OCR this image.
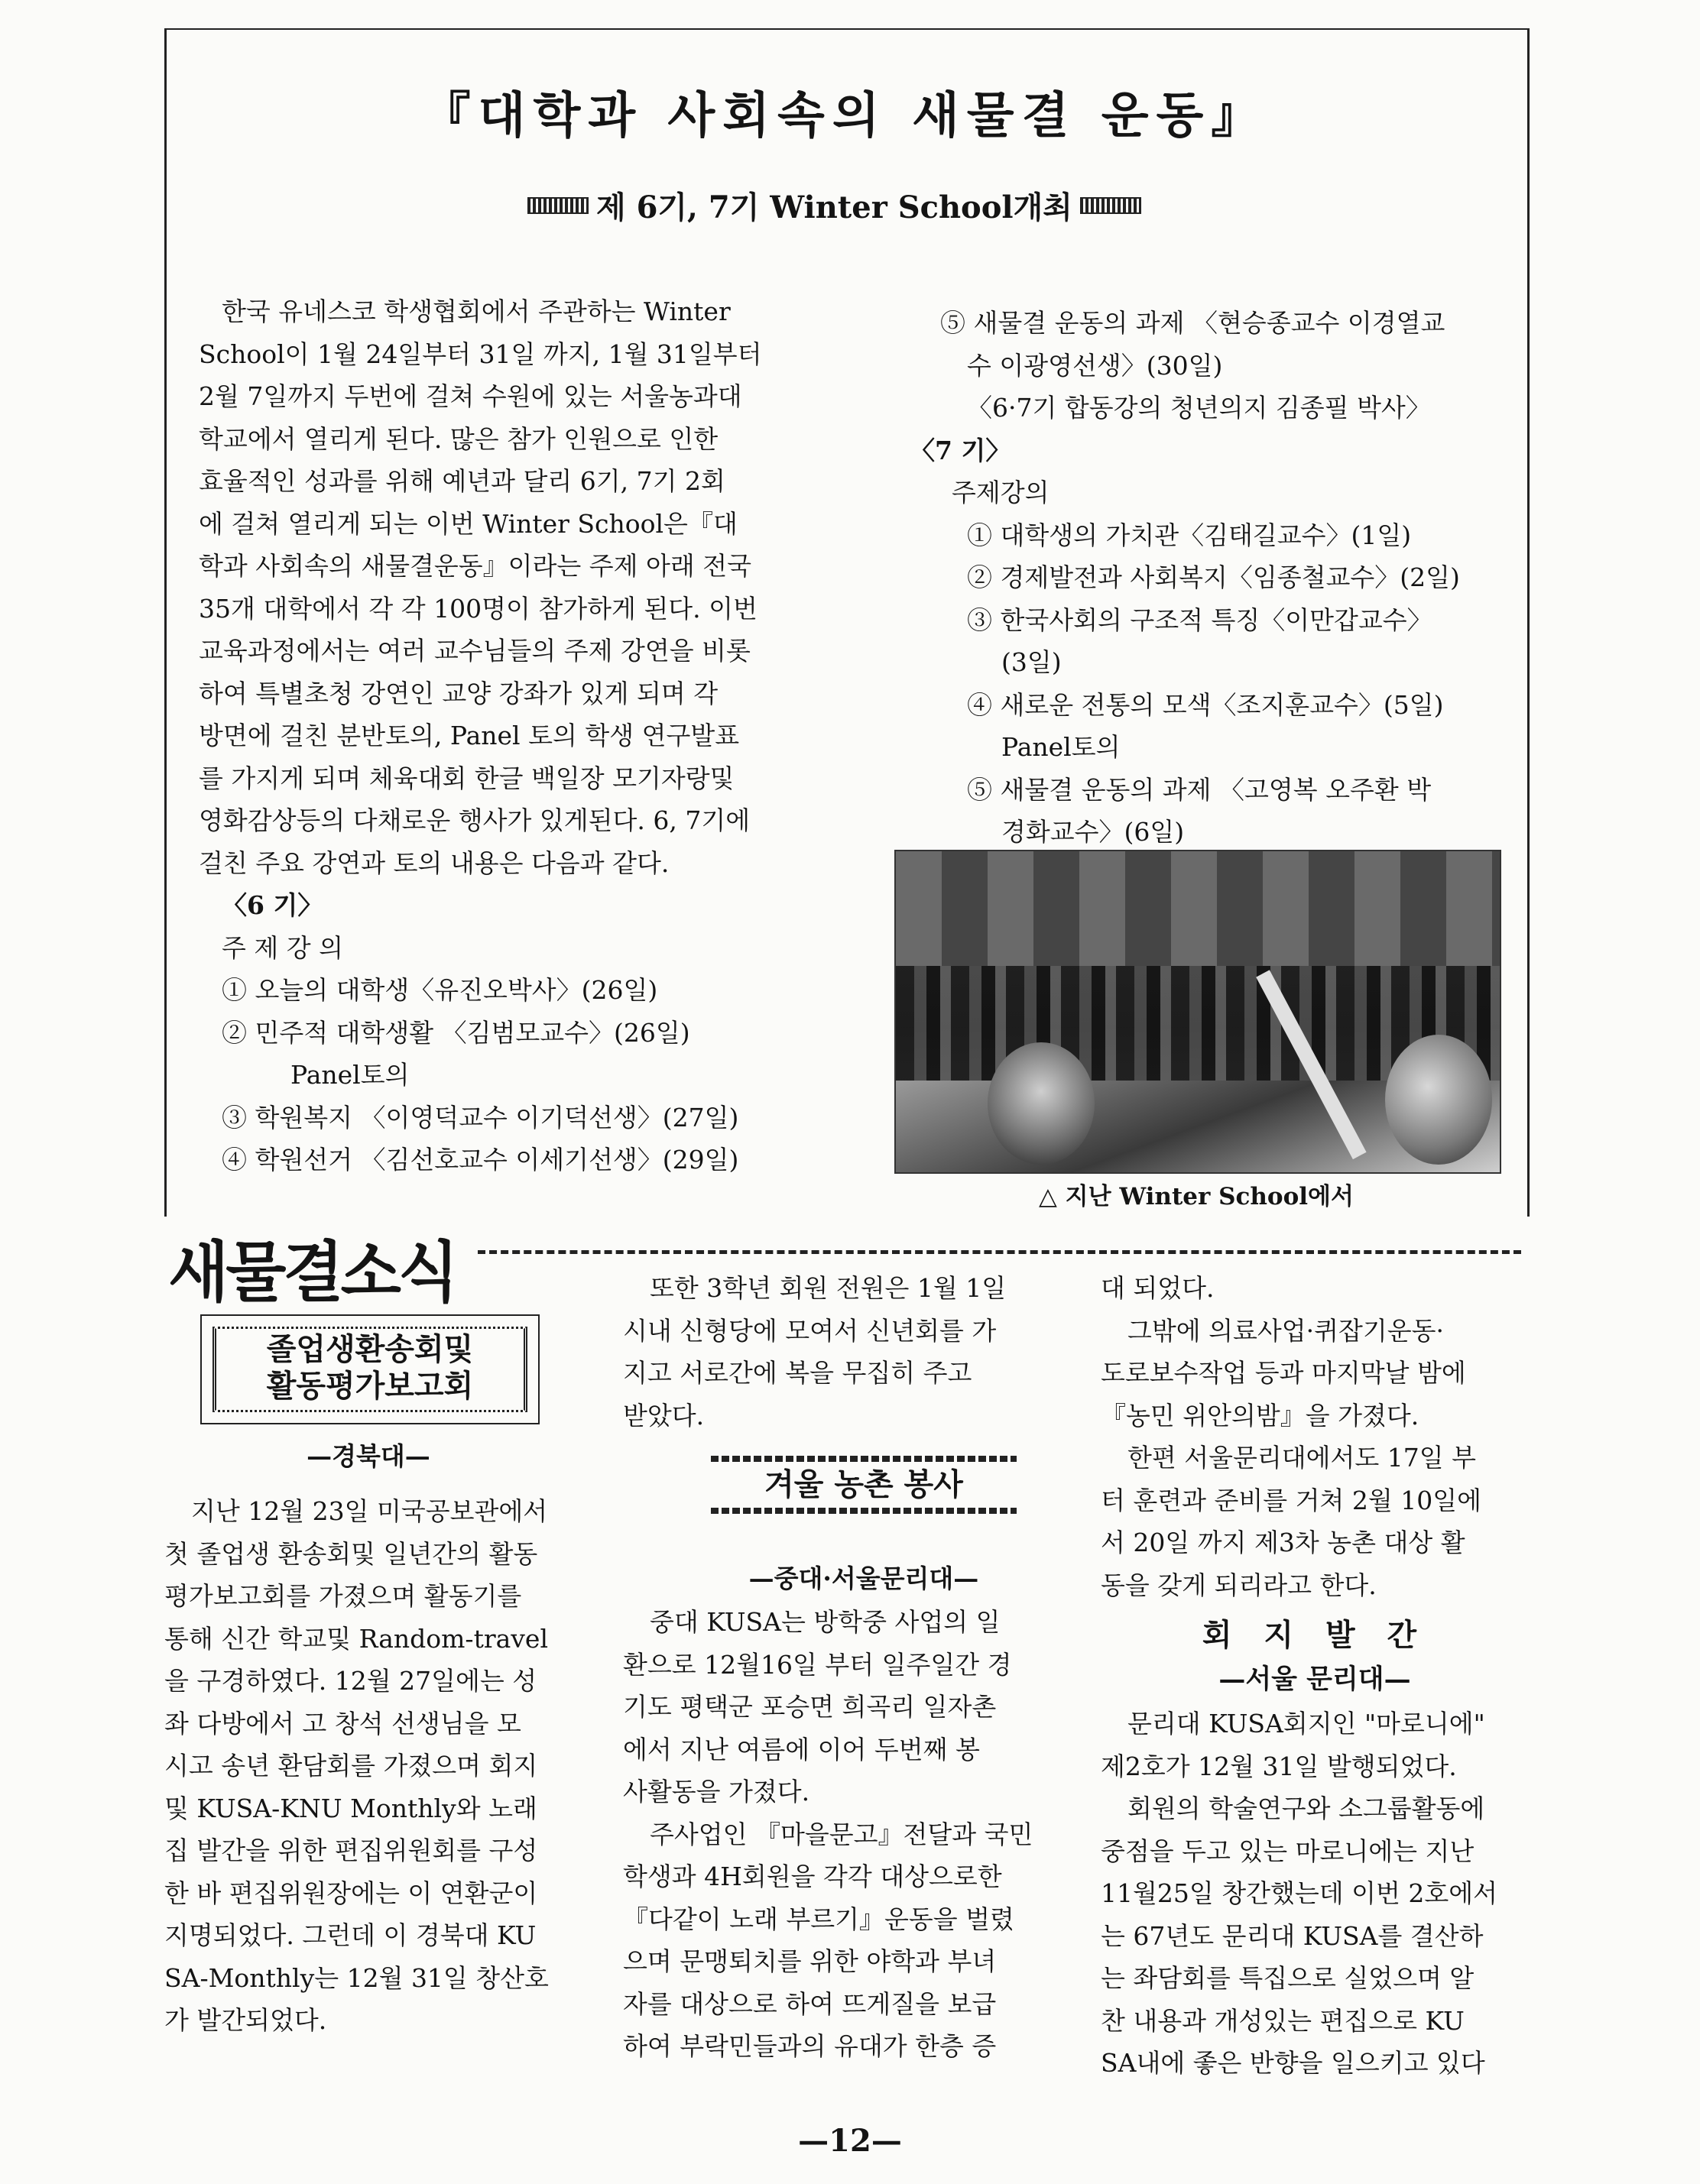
『대학과 사회속의 새물결 운동』
제 6기, 7기 Winter School개최

한국 유네스코 학생협회에서 주관하는 Winter

School이 1월 24일부터 31일 까지, 1월 31일부터

2월 7일까지 두번에 걸쳐 수원에 있는 서울농과대

학교에서 열리게 된다. 많은 참가 인원으로 인한

효율적인 성과를 위해 예년과 달리 6기, 7기 2회

에 걸쳐 열리게 되는 이번 Winter School은『대

학과 사회속의 새물결운동』이라는 주제 아래 전국

35개 대학에서 각 각 100명이 참가하게 된다. 이번

교육과정에서는 여러 교수님들의 주제 강연을 비롯

하여 특별초청 강연인 교양 강좌가 있게 되며 각

방면에 걸친 분반토의, Panel 토의 학생 연구발표

를 가지게 되며 체육대회 한글 백일장 모기자랑및

영화감상등의 다채로운 행사가 있게된다. 6, 7기에

걸친 주요 강연과 토의 내용은 다음과 같다.

〈6 기〉

주 제 강 의

① 오늘의 대학생〈유진오박사〉(26일)

② 민주적 대학생활 〈김범모교수〉(26일)

Panel토의

③ 학원복지 〈이영덕교수 이기덕선생〉(27일)

④ 학원선거 〈김선호교수 이세기선생〉(29일)

⑤ 새물결 운동의 과제 〈현승종교수 이경열교

수 이광영선생〉(30일)

〈6·7기 합동강의 청년의지 김종필 박사〉

〈7 기〉

주제강의

① 대학생의 가치관〈김태길교수〉(1일)

② 경제발전과 사회복지〈임종철교수〉(2일)

③ 한국사회의 구조적 특징〈이만갑교수〉

(3일)

④ 새로운 전통의 모색〈조지훈교수〉(5일)

Panel토의

⑤ 새물결 운동의 과제 〈고영복 오주환 박

경화교수〉(6일)

△ 지난 Winter School에서
새물결소식
졸업생환송회및
활동평가보고회
—경북대—

지난 12월 23일 미국공보관에서

첫 졸업생 환송회및 일년간의 활동

평가보고회를 가졌으며 활동기를

통해 신간 학교및 Random-travel

을 구경하였다. 12월 27일에는 성

좌 다방에서 고 창석 선생님을 모

시고 송년 환담회를 가졌으며 회지

및 KUSA-KNU Monthly와 노래

집 발간을 위한 편집위원회를 구성

한 바 편집위원장에는 이 연환군이

지명되었다. 그런데 이 경북대 KU

SA-Monthly는 12월 31일 창산호

가 발간되었다.

또한 3학년 회원 전원은 1월 1일

시내 신형당에 모여서 신년회를 가

지고 서로간에 복을 무집히 주고

받았다.

겨울 농촌 봉사
—중대·서울문리대—

중대 KUSA는 방학중 사업의 일

환으로 12월16일 부터 일주일간 경

기도 평택군 포승면 희곡리 일자촌

에서 지난 여름에 이어 두번째 봉

사활동을 가졌다.

주사업인 『마을문고』전달과 국민

학생과 4H회원을 각각 대상으로한

『다같이 노래 부르기』운동을 벌렸

으며 문맹퇴치를 위한 야학과 부녀

자를 대상으로 하여 뜨게질을 보급

하여 부락민들과의 유대가 한층 증

대 되었다.

그밖에 의료사업·퀴잡기운동·

도로보수작업 등과 마지막날 밤에

『농민 위안의밤』을 가졌다.

한편 서울문리대에서도 17일 부

터 훈련과 준비를 거쳐 2월 10일에

서 20일 까지 제3차 농촌 대상 활

동을 갖게 되리라고 한다.

회 지 발 간
—서울 문리대—

문리대 KUSA회지인 "마로니에"

제2호가 12월 31일 발행되었다.

회원의 학술연구와 소그룹활동에

중점을 두고 있는 마로니에는 지난

11월25일 창간했는데 이번 2호에서

는 67년도 문리대 KUSA를 결산하

는 좌담회를 특집으로 실었으며 알

찬 내용과 개성있는 편집으로 KU

SA내에 좋은 반향을 일으키고 있다

—12—
